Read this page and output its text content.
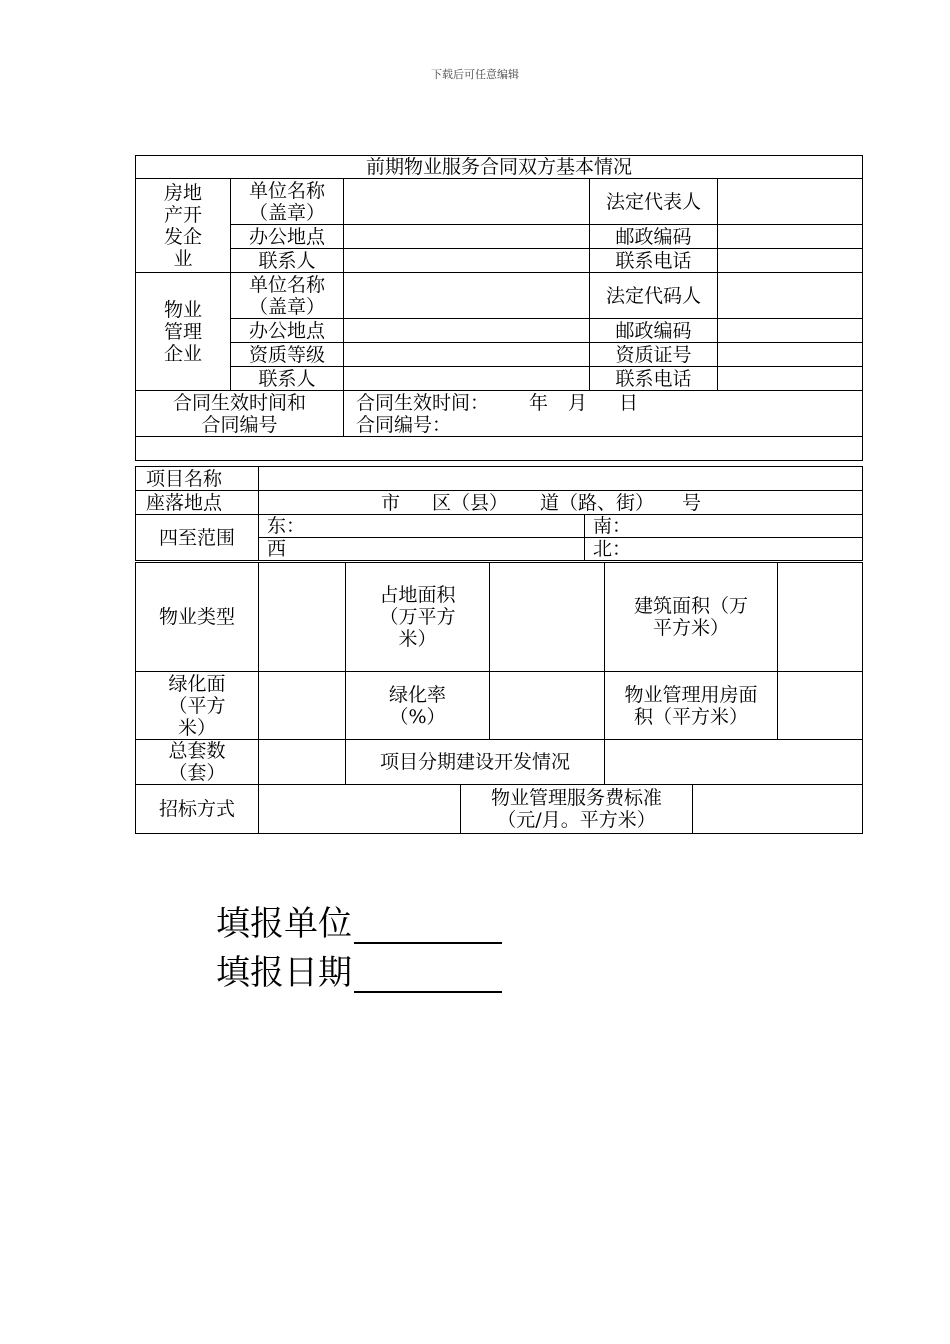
下载后可任意编辑
前期物业服务合同双方基本情况				
房地产开发企业	单位名称（盖章）		法定代表人	
	办公地点		邮政编码	
	联系人		联系电话	
物业管理企业	单位名称（盖章）		法定代码人	
	办公地点		邮政编码	
	资质等级		资质证号	
	联系人		联系电话	
合同生效时间和合同编号		合同生效时间： 年 月 日
合同编号：		

项目名称		
座落地点	市 区（县） 道（路、街） 号	
四至范围	东：	南：
	西	北：
物业类型		占地面积（万平方米）			建筑面积（万平方米）		
绿化面（平方米）		绿化率（%）			物业管理用房面积（平方米）		
总套数（套）		项目分期建设开发情况					
招标方式			物业管理服务费标准（元/月。平方米）				
填报单位
填报日期
